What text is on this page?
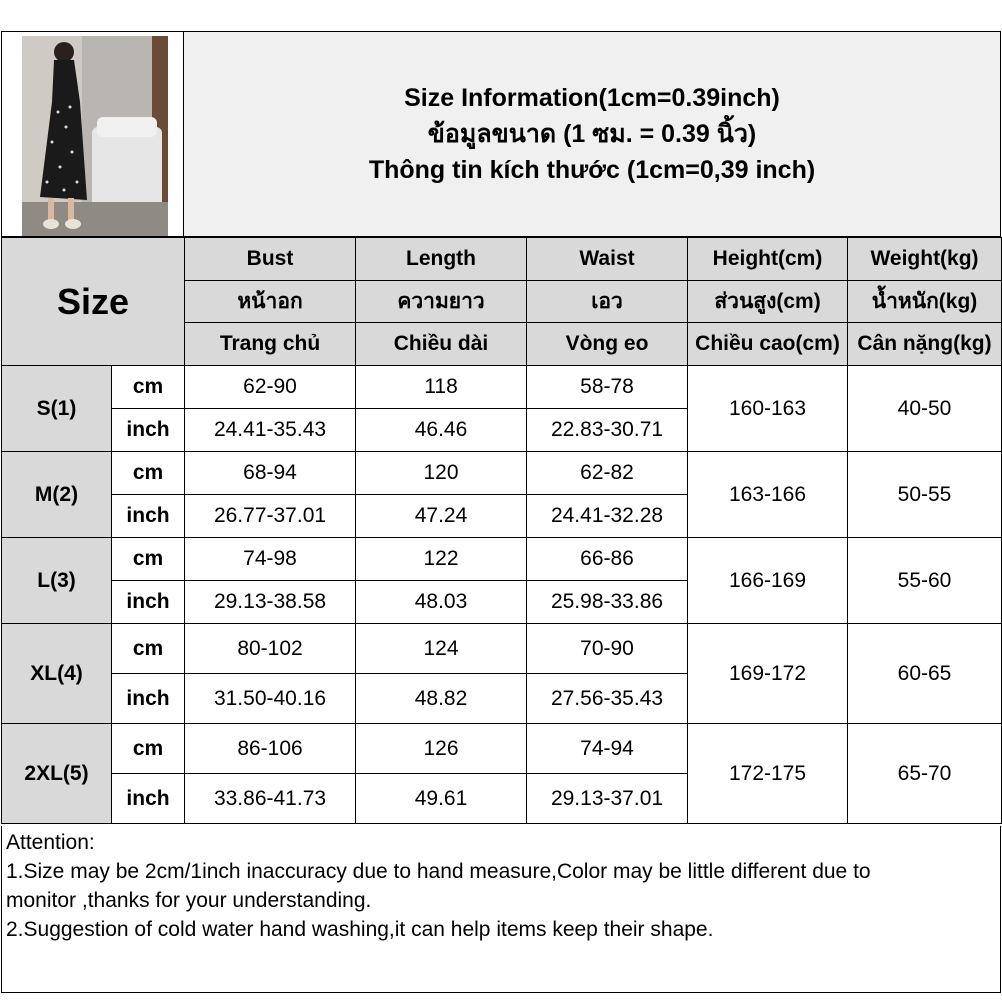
Size Information(1cm=0.39inch)
ข้อมูลขนาด (1 ซม. = 0.39 นิ้ว)
Thông tin kích thước (1cm=0,39 inch)
Size		Bust	Length	Waist	Height(cm)	Weight(kg)
		หน้าอก	ความยาว	เอว	ส่วนสูง(cm)	น้ำหนัก(kg)
		Trang chủ	Chiều dài	Vòng eo	Chiều cao(cm)	Cân nặng(kg)
S(1)	cm	62-90	118	58-78	160-163	40-50
	inch	24.41-35.43	46.46	22.83-30.71		
M(2)	cm	68-94	120	62-82	163-166	50-55
	inch	26.77-37.01	47.24	24.41-32.28		
L(3)	cm	74-98	122	66-86	166-169	55-60
	inch	29.13-38.58	48.03	25.98-33.86		
XL(4)	cm	80-102	124	70-90	169-172	60-65
	inch	31.50-40.16	48.82	27.56-35.43		
2XL(5)	cm	86-106	126	74-94	172-175	65-70
	inch	33.86-41.73	49.61	29.13-37.01		
Attention:
1.Size may be 2cm/1inch inaccuracy due to hand measure,Color may be little different due to
monitor ,thanks for your understanding.
2.Suggestion of cold water hand washing,it can help items keep their shape.
